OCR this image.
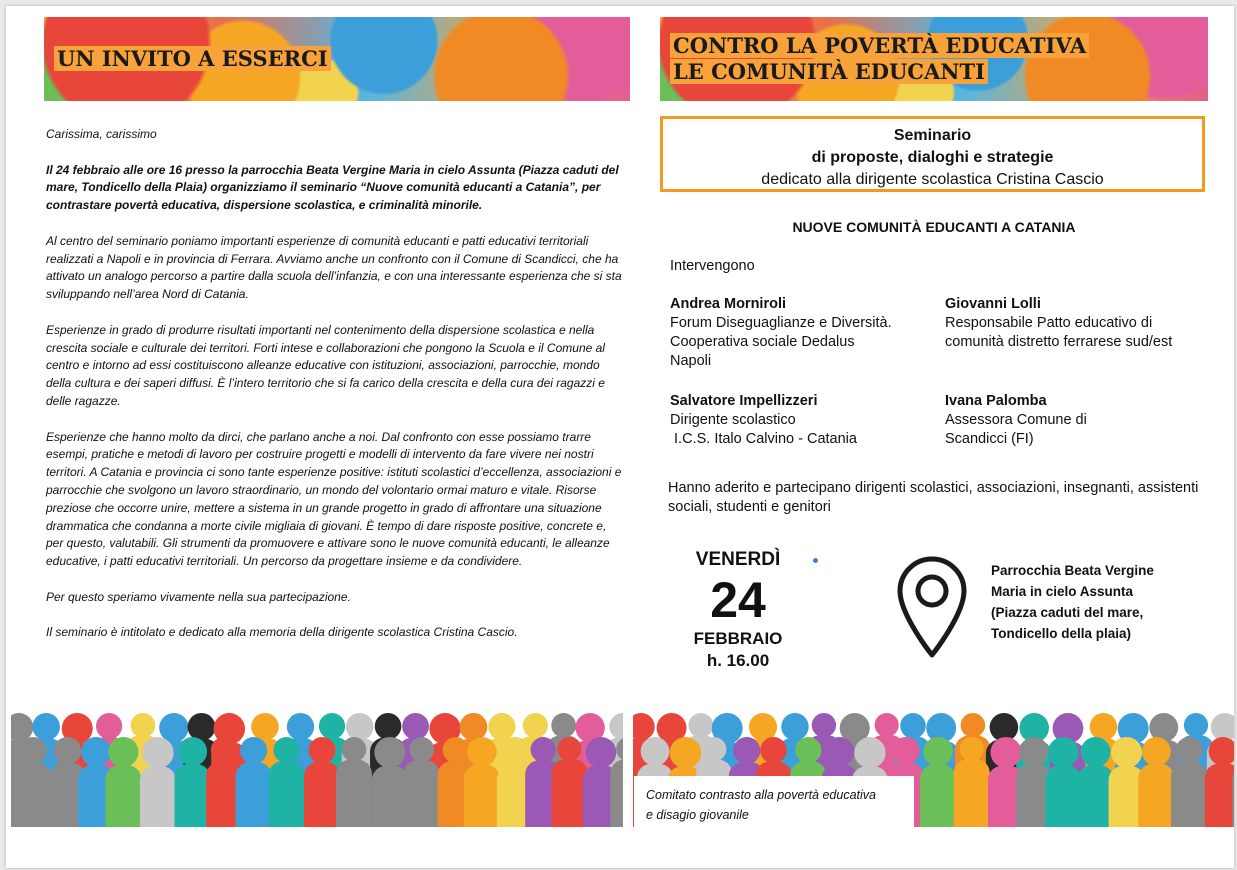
UN INVITO A ESSERCI
CONTRO LA POVERTÀ EDUCATIVA
LE COMUNITÀ EDUCANTI

Carissima, carissimo

Il 24 febbraio alle ore 16 presso la parrocchia Beata Vergine Maria in cielo Assunta (Piazza caduti del mare, Tondicello della Plaia) organizziamo il seminario “Nuove comunità educanti a Catania”, per contrastare povertà educativa, dispersione scolastica, e criminalità minorile.

Al centro del seminario poniamo importanti esperienze di comunità educanti e patti educativi territoriali realizzati a Napoli e in provincia di Ferrara. Avviamo anche un confronto con il Comune di Scandicci, che ha attivato un analogo percorso a partire dalla scuola dell’infanzia, e con una interessante esperienza che si sta sviluppando nell’area Nord di Catania.

Esperienze in grado di produrre risultati importanti nel contenimento della dispersione scolastica e nella crescita sociale e culturale dei territori. Forti intese e collaborazioni che pongono la Scuola e il Comune al centro e intorno ad essi costituiscono alleanze educative con istituzioni, associazioni, parrocchie, mondo della cultura e dei saperi diffusi. È l’intero territorio che si fa carico della crescita e della cura dei ragazzi e delle ragazze.

Esperienze che hanno molto da dirci, che parlano anche a noi. Dal confronto con esse possiamo trarre esempi, pratiche e metodi di lavoro per costruire progetti e modelli di intervento da fare vivere nei nostri territori. A Catania e provincia ci sono tante esperienze positive: istituti scolastici d’eccellenza, associazioni e parrocchie che svolgono un lavoro straordinario, un mondo del volontario ormai maturo e vitale. Risorse preziose che occorre unire, mettere a sistema in un grande progetto in grado di affrontare una situazione drammatica che condanna a morte civile migliaia di giovani. È tempo di dare risposte positive, concrete e, per questo, valutabili. Gli strumenti da promuovere e attivare sono le nuove comunità educanti, le alleanze educative, i patti educativi territoriali. Un percorso da progettare insieme e da condividere.

Per questo speriamo vivamente nella sua partecipazione.

Il seminario è intitolato e dedicato alla memoria della dirigente scolastica Cristina Cascio.

Seminario
di proposte, dialoghi e strategie
dedicato alla dirigente scolastica Cristina Cascio
NUOVE COMUNITÀ EDUCANTI A CATANIA
Intervengono
Andrea Morniroli
Forum Diseguaglianze e Diversità.
Cooperativa sociale Dedalus
Napoli
Giovanni Lolli
Responsabile Patto educativo di
comunità distretto ferrarese sud/est
Salvatore Impellizzeri
Dirigente scolastico
I.C.S. Italo Calvino - Catania
Ivana Palomba
Assessora Comune di
Scandicci (FI)
Hanno aderito e partecipano dirigenti scolastici, associazioni, insegnanti, assistenti sociali, studenti e genitori
VENERDÌ
24
FEBBRAIO
h. 16.00
Parrocchia Beata Vergine
Maria in cielo Assunta
(Piazza caduti del mare,
Tondicello della plaia)
Comitato contrasto alla povertà educativa
e disagio giovanile
